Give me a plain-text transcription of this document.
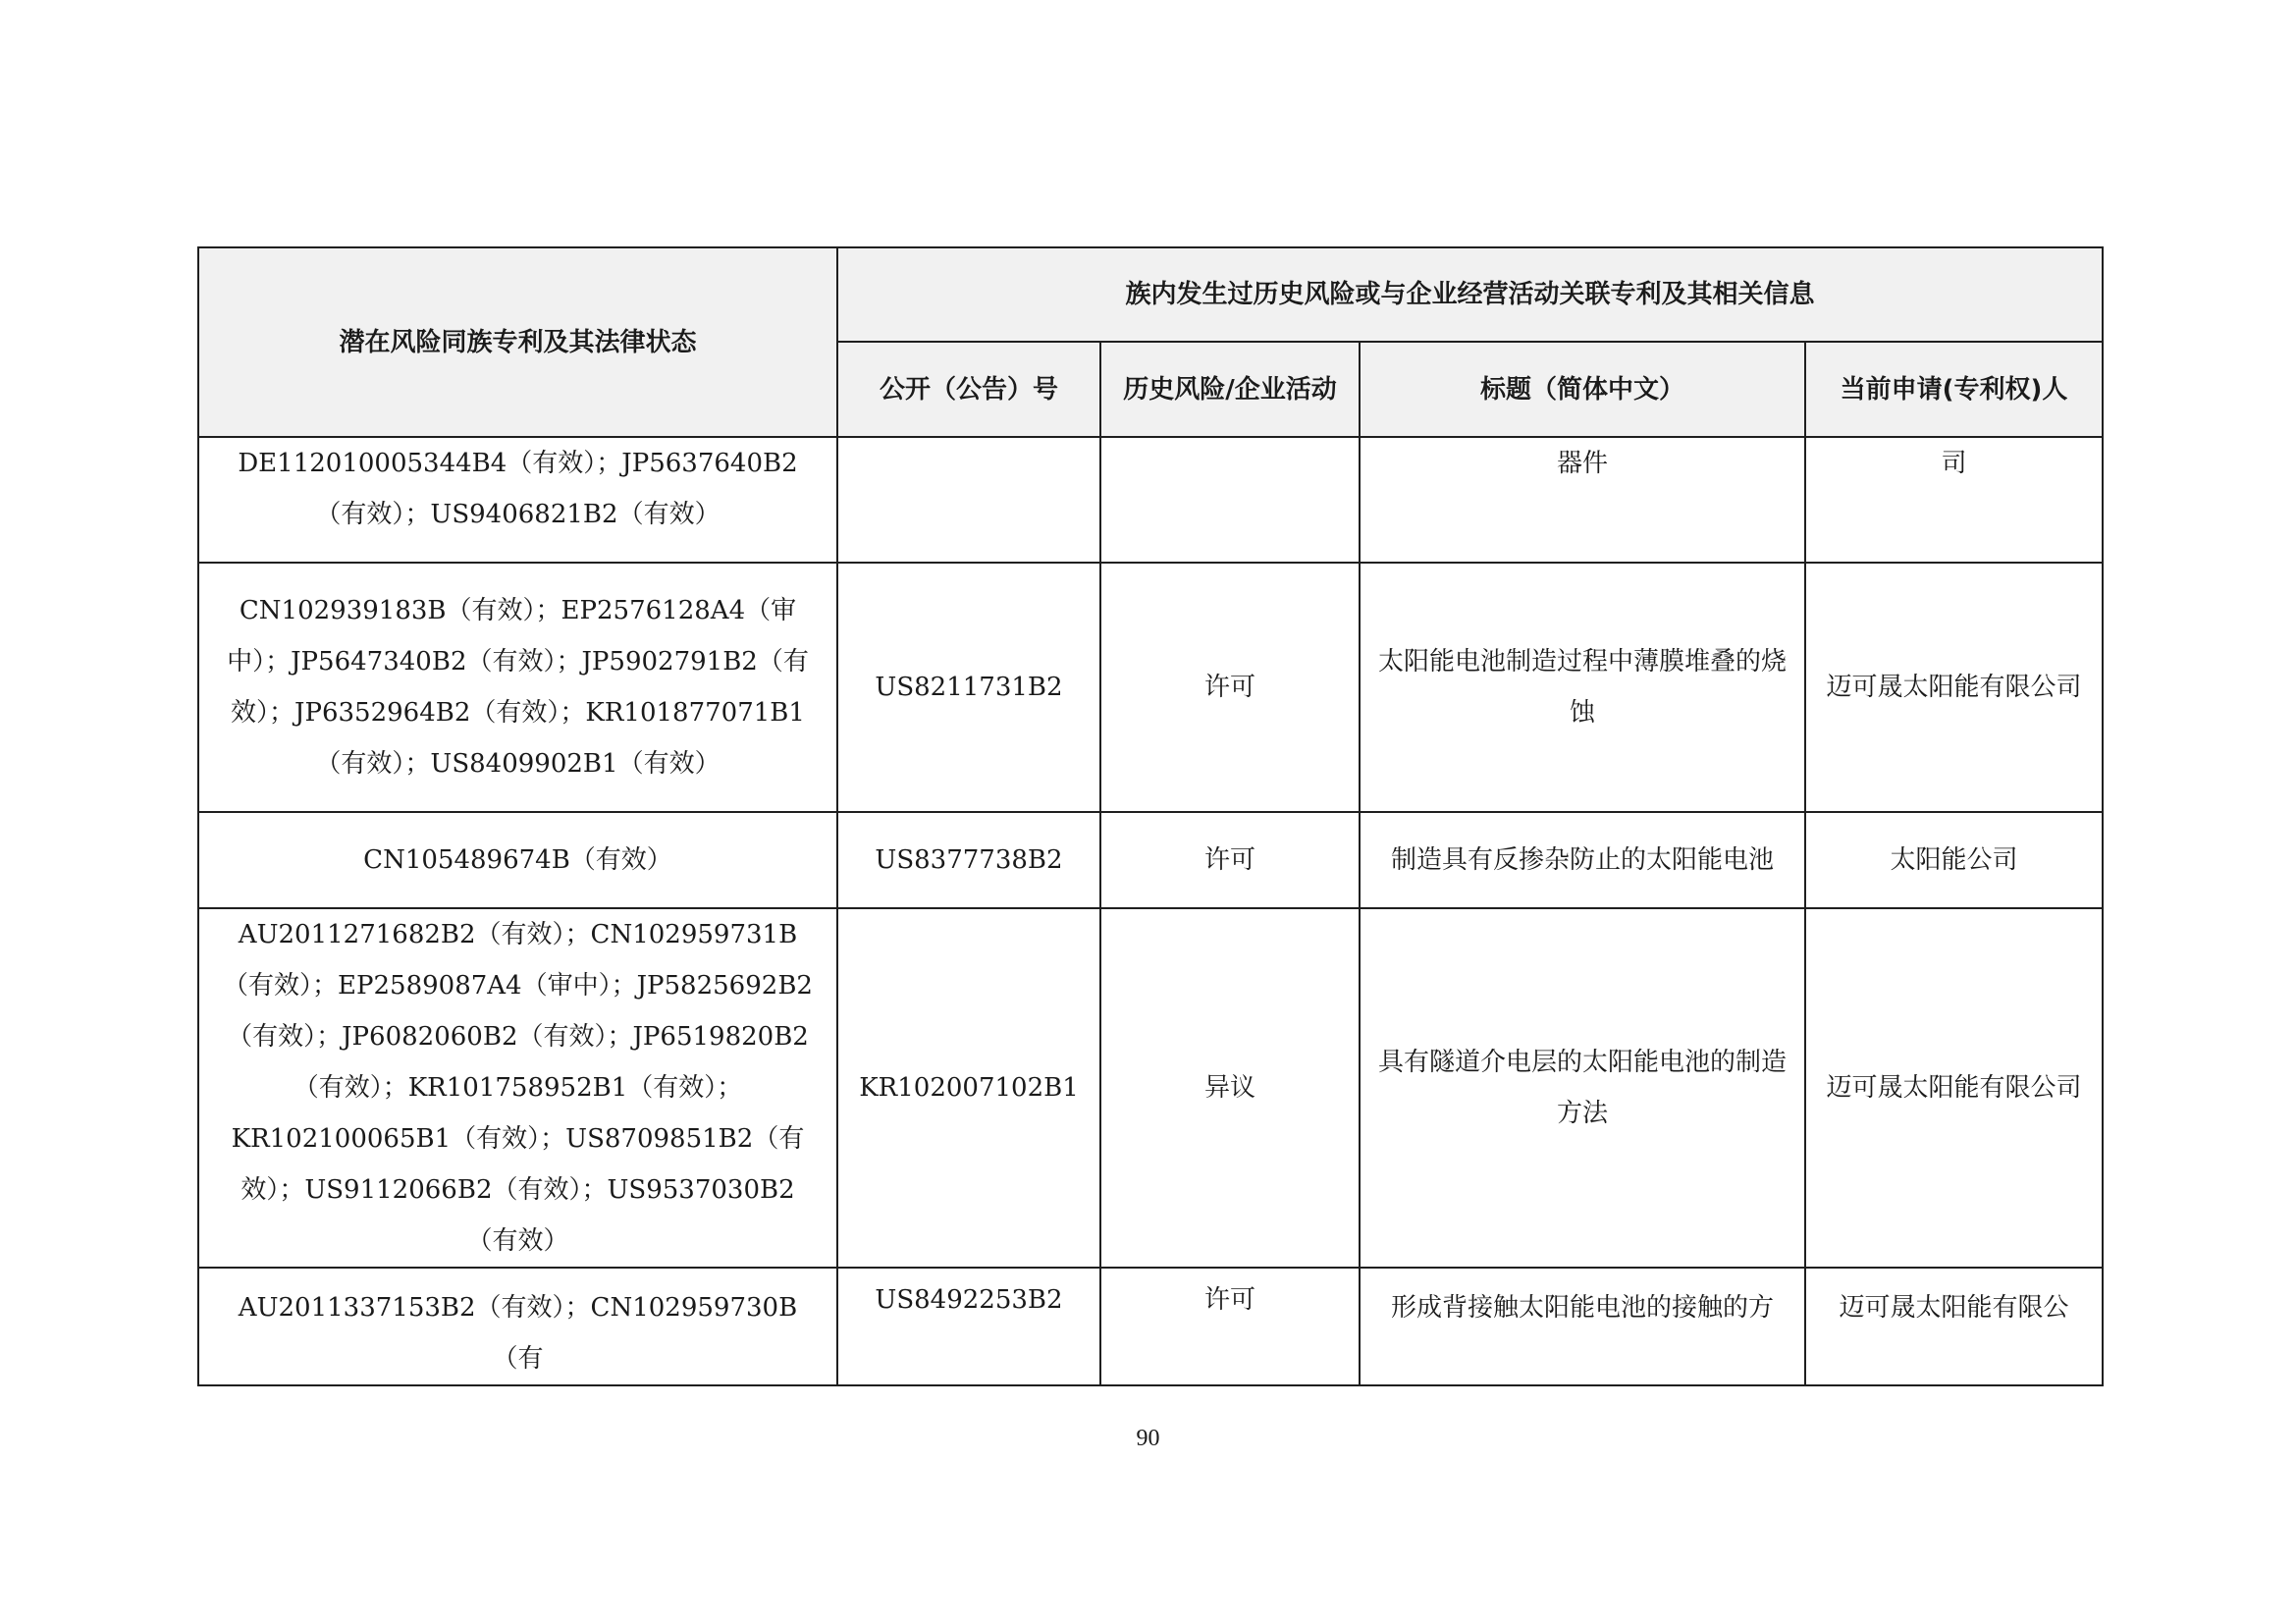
潜在风险同族专利及其法律状态	族内发生过历史风险或与企业经营活动关联专利及其相关信息			
	公开（公告）号	历史风险/企业活动	标题（简体中文）	当前申请(专利权)人
DE112010005344B4（有效）；JP5637640B2（有效）；US9406821B2（有效）			器件	司
CN102939183B（有效）；EP2576128A4（审中）；JP5647340B2（有效）；JP5902791B2（有效）；JP6352964B2（有效）；KR101877071B1（有效）；US8409902B1（有效）	US8211731B2	许可	太阳能电池制造过程中薄膜堆叠的烧蚀	迈可晟太阳能有限公司
CN105489674B（有效）	US8377738B2	许可	制造具有反掺杂防止的太阳能电池	太阳能公司
AU2011271682B2（有效）；CN102959731B（有效）；EP2589087A4（审中）；JP5825692B2（有效）；JP6082060B2（有效）；JP6519820B2（有效）；KR101758952B1（有效）；KR102100065B1（有效）；US8709851B2（有效）；US9112066B2（有效）；US9537030B2（有效）	KR102007102B1	异议	具有隧道介电层的太阳能电池的制造方法	迈可晟太阳能有限公司
AU2011337153B2（有效）；CN102959730B（有	US8492253B2	许可	形成背接触太阳能电池的接触的方	迈可晟太阳能有限公
90
